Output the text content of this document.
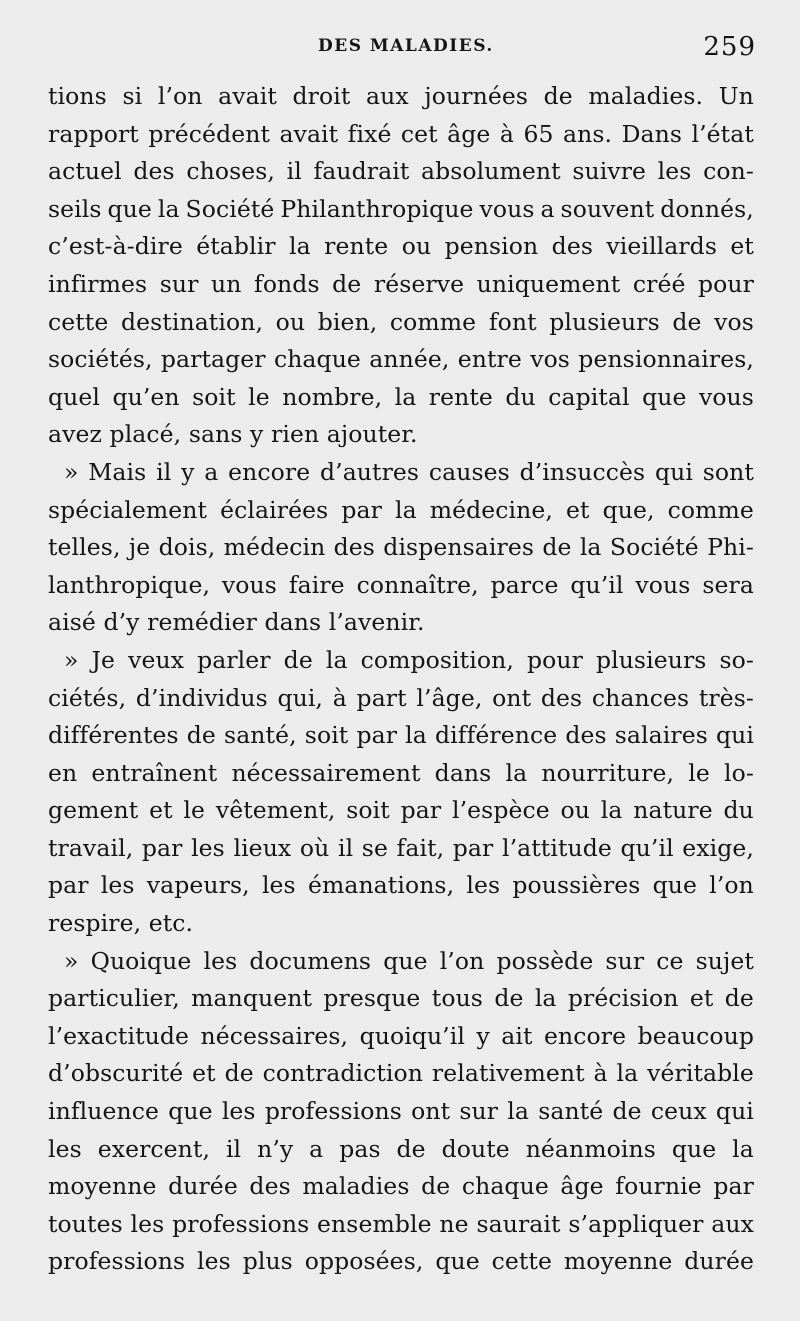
DES MALADIES.	259
tions si l’on avait droit aux journées de maladies. Un
rapport précédent avait fixé cet âge à 65 ans. Dans l’état
actuel des choses, il faudrait absolument suivre les con-
seils que la Société Philanthropique vous a souvent donnés,
c’est-à-dire établir la rente ou pension des vieillards et
infirmes sur un fonds de réserve uniquement créé pour
cette destination, ou bien, comme font plusieurs de vos
sociétés, partager chaque année, entre vos pensionnaires,
quel qu’en soit le nombre, la rente du capital que vous
avez placé, sans y rien ajouter.
» Mais il y a encore d’autres causes d’insuccès qui sont
spécialement éclairées par la médecine, et que, comme
telles, je dois, médecin des dispensaires de la Société Phi-
lanthropique, vous faire connaître, parce qu’il vous sera
aisé d’y remédier dans l’avenir.
» Je veux parler de la composition, pour plusieurs so-
ciétés, d’individus qui, à part l’âge, ont des chances très-
différentes de santé, soit par la différence des salaires qui
en entraînent nécessairement dans la nourriture, le lo-
gement et le vêtement, soit par l’espèce ou la nature du
travail, par les lieux où il se fait, par l’attitude qu’il exige,
par les vapeurs, les émanations, les poussières que l’on
respire, etc.
» Quoique les documens que l’on possède sur ce sujet
particulier, manquent presque tous de la précision et de
l’exactitude nécessaires, quoiqu’il y ait encore beaucoup
d’obscurité et de contradiction relativement à la véritable
influence que les professions ont sur la santé de ceux qui
les exercent, il n’y a pas de doute néanmoins que la
moyenne durée des maladies de chaque âge fournie par
toutes les professions ensemble ne saurait s’appliquer aux
professions les plus opposées, que cette moyenne durée
